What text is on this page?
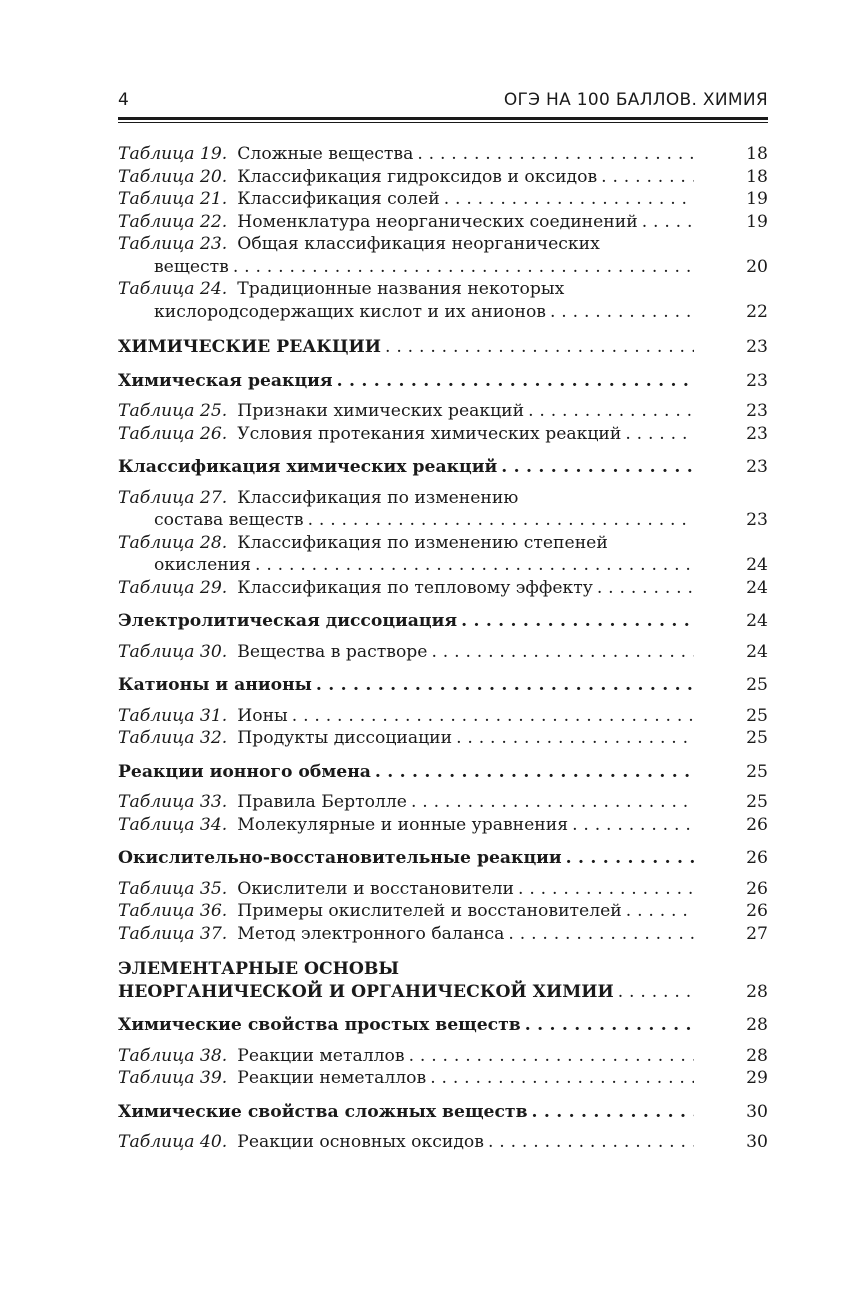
4	ОГЭ НА 100 БАЛЛОВ. ХИМИЯ
Таблица 19. Сложные вещества . . .	18
Таблица 20. Классификация гидроксидов и оксидов . . .	18
Таблица 21. Классификация солей . . .	19
Таблица 22. Номенклатура неорганических соединений . . .	19
Таблица 23. Общая классификация неорганических
веществ . . .	20
Таблица 24. Традиционные названия некоторых
кислородсодержащих кислот и их анионов . . .	22
ХИМИЧЕСКИЕ РЕАКЦИИ . . .	23
Химическая реакция . . .	23
Таблица 25. Признаки химических реакций . . .	23
Таблица 26. Условия протекания химических реакций . . .	23
Классификация химических реакций . . .	23
Таблица 27. Классификация по изменению
состава веществ . . .	23
Таблица 28. Классификация по изменению степеней
окисления . . .	24
Таблица 29. Классификация по тепловому эффекту . . .	24
Электролитическая диссоциация . . .	24
Таблица 30. Вещества в растворе . . .	24
Катионы и анионы . . .	25
Таблица 31. Ионы . . .	25
Таблица 32. Продукты диссоциации . . .	25
Реакции ионного обмена . . .	25
Таблица 33. Правила Бертолле . . .	25
Таблица 34. Молекулярные и ионные уравнения . . .	26
Окислительно-восстановительные реакции . . .	26
Таблица 35. Окислители и восстановители . . .	26
Таблица 36. Примеры окислителей и восстановителей . . .	26
Таблица 37. Метод электронного баланса . . .	27
ЭЛЕМЕНТАРНЫЕ ОСНОВЫ
НЕОРГАНИЧЕСКОЙ И ОРГАНИЧЕСКОЙ ХИМИИ . . .	28
Химические свойства простых веществ . . .	28
Таблица 38. Реакции металлов . . .	28
Таблица 39. Реакции неметаллов . . .	29
Химические свойства сложных веществ . . .	30
Таблица 40. Реакции основных оксидов . . .	30
